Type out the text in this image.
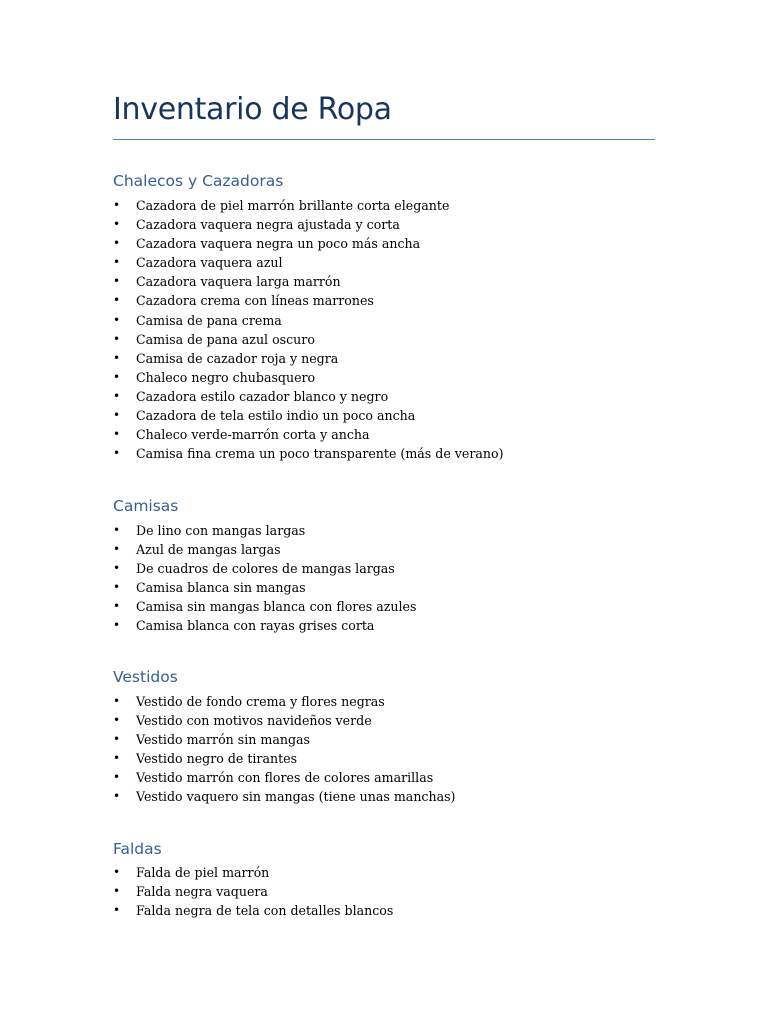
Inventario de Ropa
Chalecos y Cazadoras
• Cazadora de piel marrón brillante corta elegante
• Cazadora vaquera negra ajustada y corta
• Cazadora vaquera negra un poco más ancha
• Cazadora vaquera azul
• Cazadora vaquera larga marrón
• Cazadora crema con líneas marrones
• Camisa de pana crema
• Camisa de pana azul oscuro
• Camisa de cazador roja y negra
• Chaleco negro chubasquero
• Cazadora estilo cazador blanco y negro
• Cazadora de tela estilo indio un poco ancha
• Chaleco verde-marrón corta y ancha
• Camisa fina crema un poco transparente (más de verano)
Camisas
• De lino con mangas largas
• Azul de mangas largas
• De cuadros de colores de mangas largas
• Camisa blanca sin mangas
• Camisa sin mangas blanca con flores azules
• Camisa blanca con rayas grises corta
Vestidos
• Vestido de fondo crema y flores negras
• Vestido con motivos navideños verde
• Vestido marrón sin mangas
• Vestido negro de tirantes
• Vestido marrón con flores de colores amarillas
• Vestido vaquero sin mangas (tiene unas manchas)
Faldas
• Falda de piel marrón
• Falda negra vaquera
• Falda negra de tela con detalles blancos
